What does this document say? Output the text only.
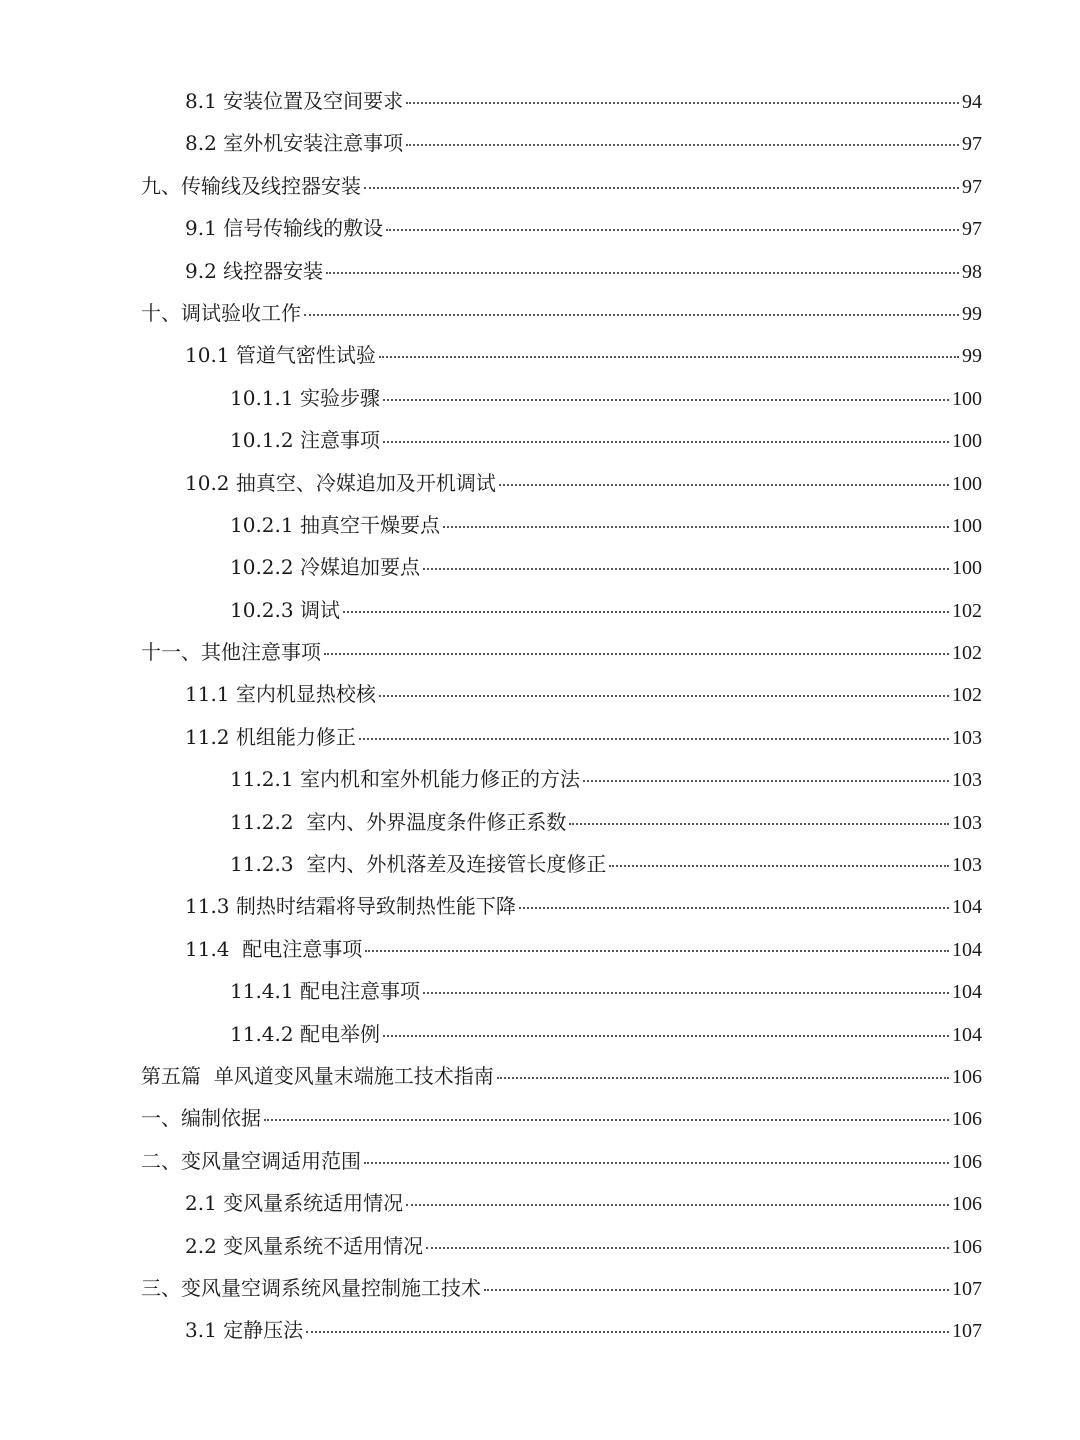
8.1 安装位置及空间要求	94
8.2 室外机安装注意事项	97
九、传输线及线控器安装	97
9.1 信号传输线的敷设	97
9.2 线控器安装	98
十、调试验收工作	99
10.1 管道气密性试验	99
10.1.1 实验步骤	100
10.1.2 注意事项	100
10.2 抽真空、冷媒追加及开机调试	100
10.2.1 抽真空干燥要点	100
10.2.2 冷媒追加要点	100
10.2.3 调试	102
十一、其他注意事项	102
11.1 室内机显热校核	102
11.2 机组能力修正	103
11.2.1 室内机和室外机能力修正的方法	103
11.2.2  室内、外界温度条件修正系数	103
11.2.3  室内、外机落差及连接管长度修正	103
11.3 制热时结霜将导致制热性能下降	104
11.4  配电注意事项	104
11.4.1 配电注意事项	104
11.4.2 配电举例	104
第五篇  单风道变风量末端施工技术指南	106
一、编制依据	106
二、变风量空调适用范围	106
2.1 变风量系统适用情况	106
2.2 变风量系统不适用情况	106
三、变风量空调系统风量控制施工技术	107
3.1 定静压法	107
